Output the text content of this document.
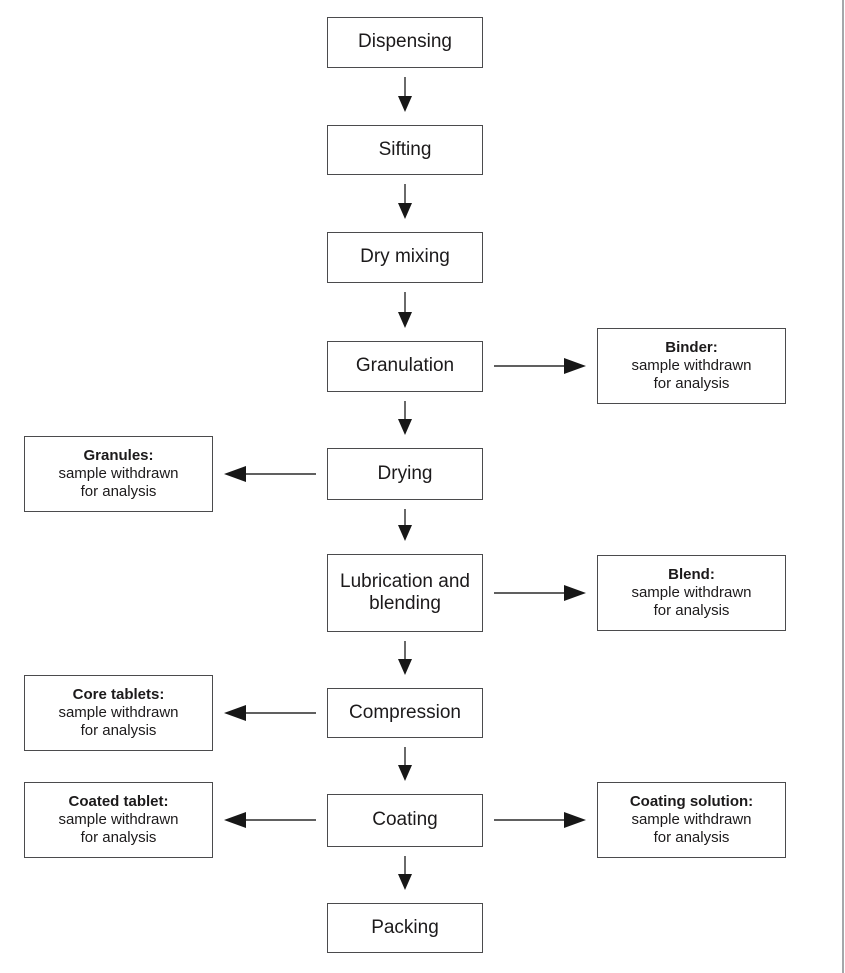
Dispensing
Sifting
Dry mixing
Granulation
Drying
Lubrication and blending
Compression
Coating
Packing
Binder:
sample withdrawn
for analysis
Granules:
sample withdrawn
for analysis
Blend:
sample withdrawn
for analysis
Core tablets:
sample withdrawn
for analysis
Coated tablet:
sample withdrawn
for analysis
Coating solution:
sample withdrawn
for analysis
